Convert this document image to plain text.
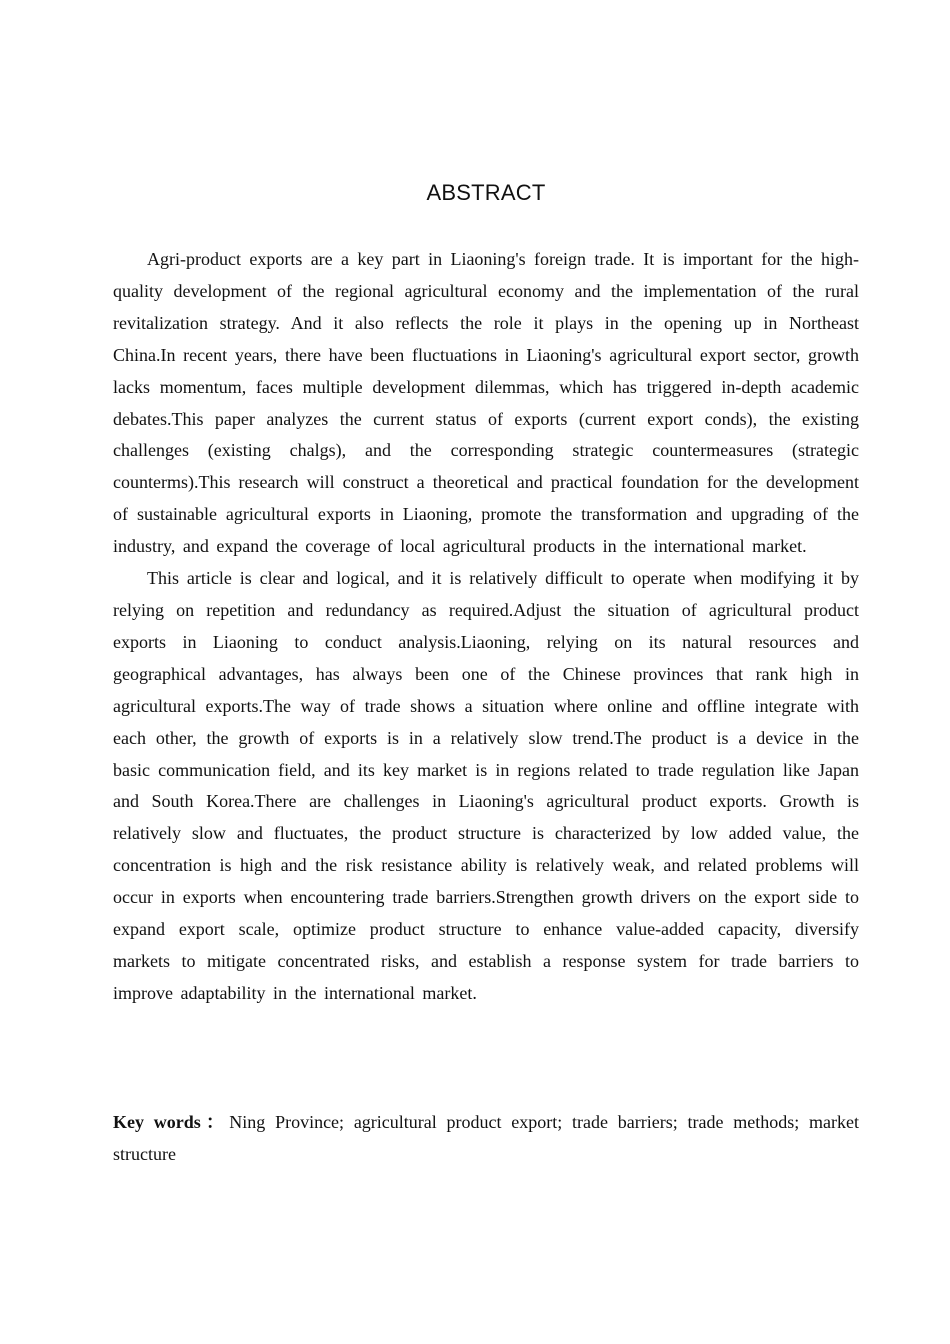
ABSTRACT

Agri-product exports are a key part in Liaoning's foreign trade. It is important for the high-quality development of the regional agricultural economy and the implementation of the rural revitalization strategy. And it also reflects the role it plays in the opening up in Northeast China.In recent years, there have been fluctuations in Liaoning's agricultural export sector, growth lacks momentum, faces multiple development dilemmas, which has triggered in-depth academic debates.This paper analyzes the current status of exports (current export conds), the existing challenges (existing chalgs), and the corresponding strategic countermeasures (strategic counterms).This research will construct a theoretical and practical foundation for the development of sustainable agricultural exports in Liaoning, promote the transformation and upgrading of the industry, and expand the coverage of local agricultural products in the international market.

This article is clear and logical, and it is relatively difficult to operate when modifying it by relying on repetition and redundancy as required.Adjust the situation of agricultural product exports in Liaoning to conduct analysis.Liaoning, relying on its natural resources and geographical advantages, has always been one of the Chinese provinces that rank high in agricultural exports.The way of trade shows a situation where online and offline integrate with each other, the growth of exports is in a relatively slow trend.The product is a device in the basic communication field, and its key market is in regions related to trade regulation like Japan and South Korea.There are challenges in Liaoning's agricultural product exports. Growth is relatively slow and fluctuates, the product structure is characterized by low added value, the concentration is high and the risk resistance ability is relatively weak, and related problems will occur in exports when encountering trade barriers.Strengthen growth drivers on the export side to expand export scale, optimize product structure to enhance value-added capacity, diversify markets to mitigate concentrated risks, and establish a response system for trade barriers to improve adaptability in the international market.

Key words：Ning Province; agricultural product export; trade barriers; trade methods; market structure
